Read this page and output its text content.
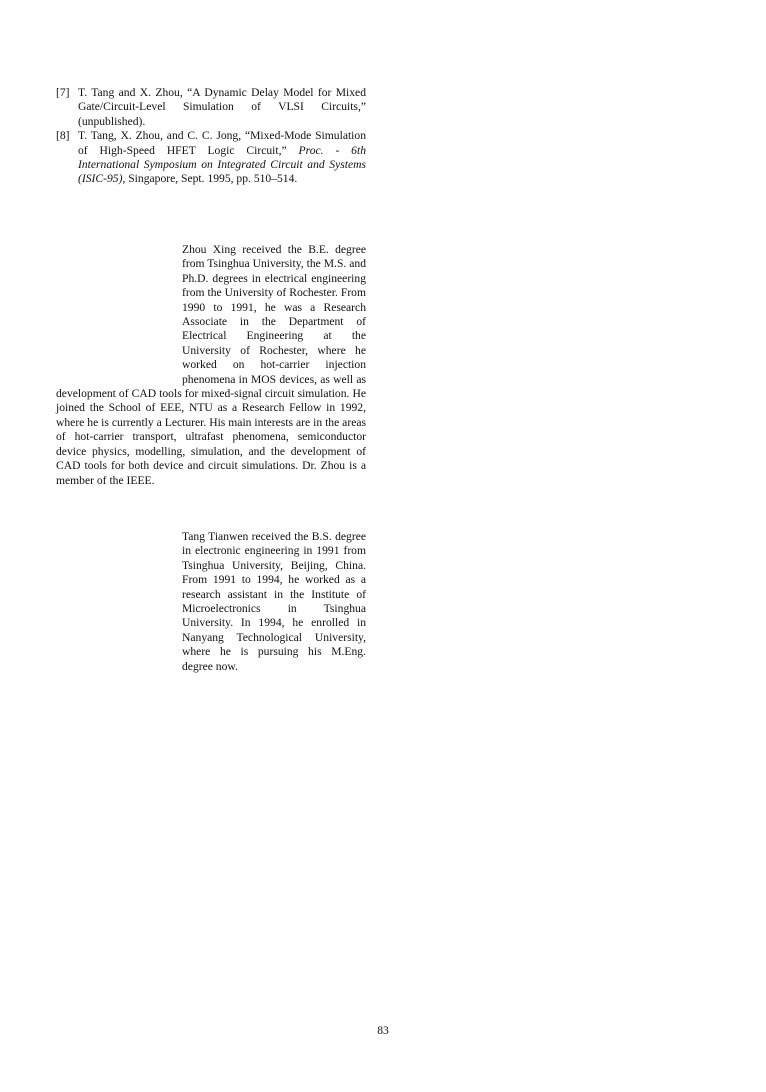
[7] T. Tang and X. Zhou, “A Dynamic Delay Model for Mixed Gate/Circuit-Level Simulation of VLSI Circuits,” (unpublished).
[8] T. Tang, X. Zhou, and C. C. Jong, “Mixed-Mode Simulation of High-Speed HFET Logic Circuit,” Proc. - 6th International Symposium on Integrated Circuit and Systems (ISIC-95), Singapore, Sept. 1995, pp. 510–514.

Zhou Xing received the B.E. degree from Tsinghua University, the M.S. and Ph.D. degrees in electrical engineering from the University of Rochester. From 1990 to 1991, he was a Research Associate in the Department of Electrical Engineering at the University of Rochester, where he worked on hot-carrier injection phenomena in MOS devices, as well as development of CAD tools for mixed-signal circuit simulation. He joined the School of EEE, NTU as a Research Fellow in 1992, where he is currently a Lecturer. His main interests are in the areas of hot-carrier transport, ultrafast phenomena, semiconductor device physics, modelling, simulation, and the development of CAD tools for both device and circuit simulations. Dr. Zhou is a member of the IEEE.

Tang Tianwen received the B.S. degree in electronic engineering in 1991 from Tsinghua University, Beijing, China. From 1991 to 1994, he worked as a research assistant in the Institute of Microelectronics in Tsinghua University. In 1994, he enrolled in Nanyang Technological University, where he is pursuing his M.Eng. degree now.

83
